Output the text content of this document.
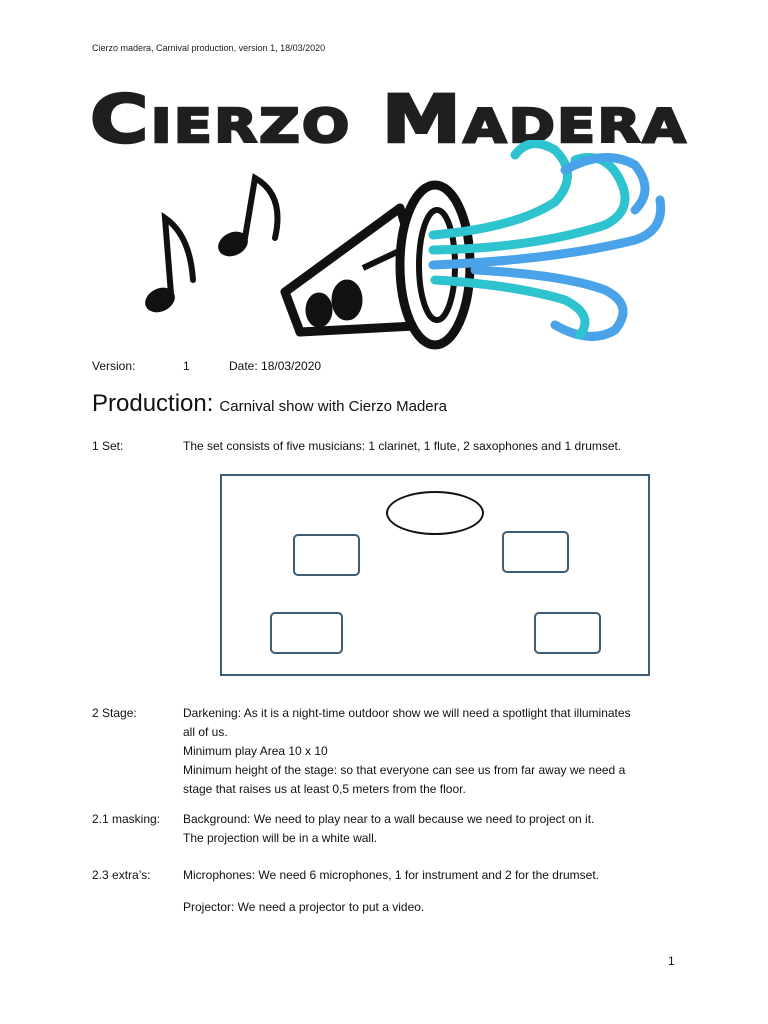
Cierzo madera, Carnival production, version 1, 18/03/2020
Cierzo Madera
Version:	1	Date: 18/03/2020
Production: Carnival show with Cierzo Madera
1 Set:	The set consists of five musicians: 1 clarinet, 1 flute, 2 saxophones and 1 drumset.
2 Stage:	Darkening: As it is a night-time outdoor show we will need a spotlight that illuminates
all of us.
Minimum play Area 10 x 10
Minimum height of the stage: so that everyone can see us from far away we need a
stage that raises us at least 0,5 meters from the floor.
2.1 masking: Background: We need to play near to a wall because we need to project on it.
The projection will be in a white wall.
2.3 extra’s:	Microphones: We need 6 microphones, 1 for instrument and 2 for the drumset.
Projector: We need a projector to put a video.
1
